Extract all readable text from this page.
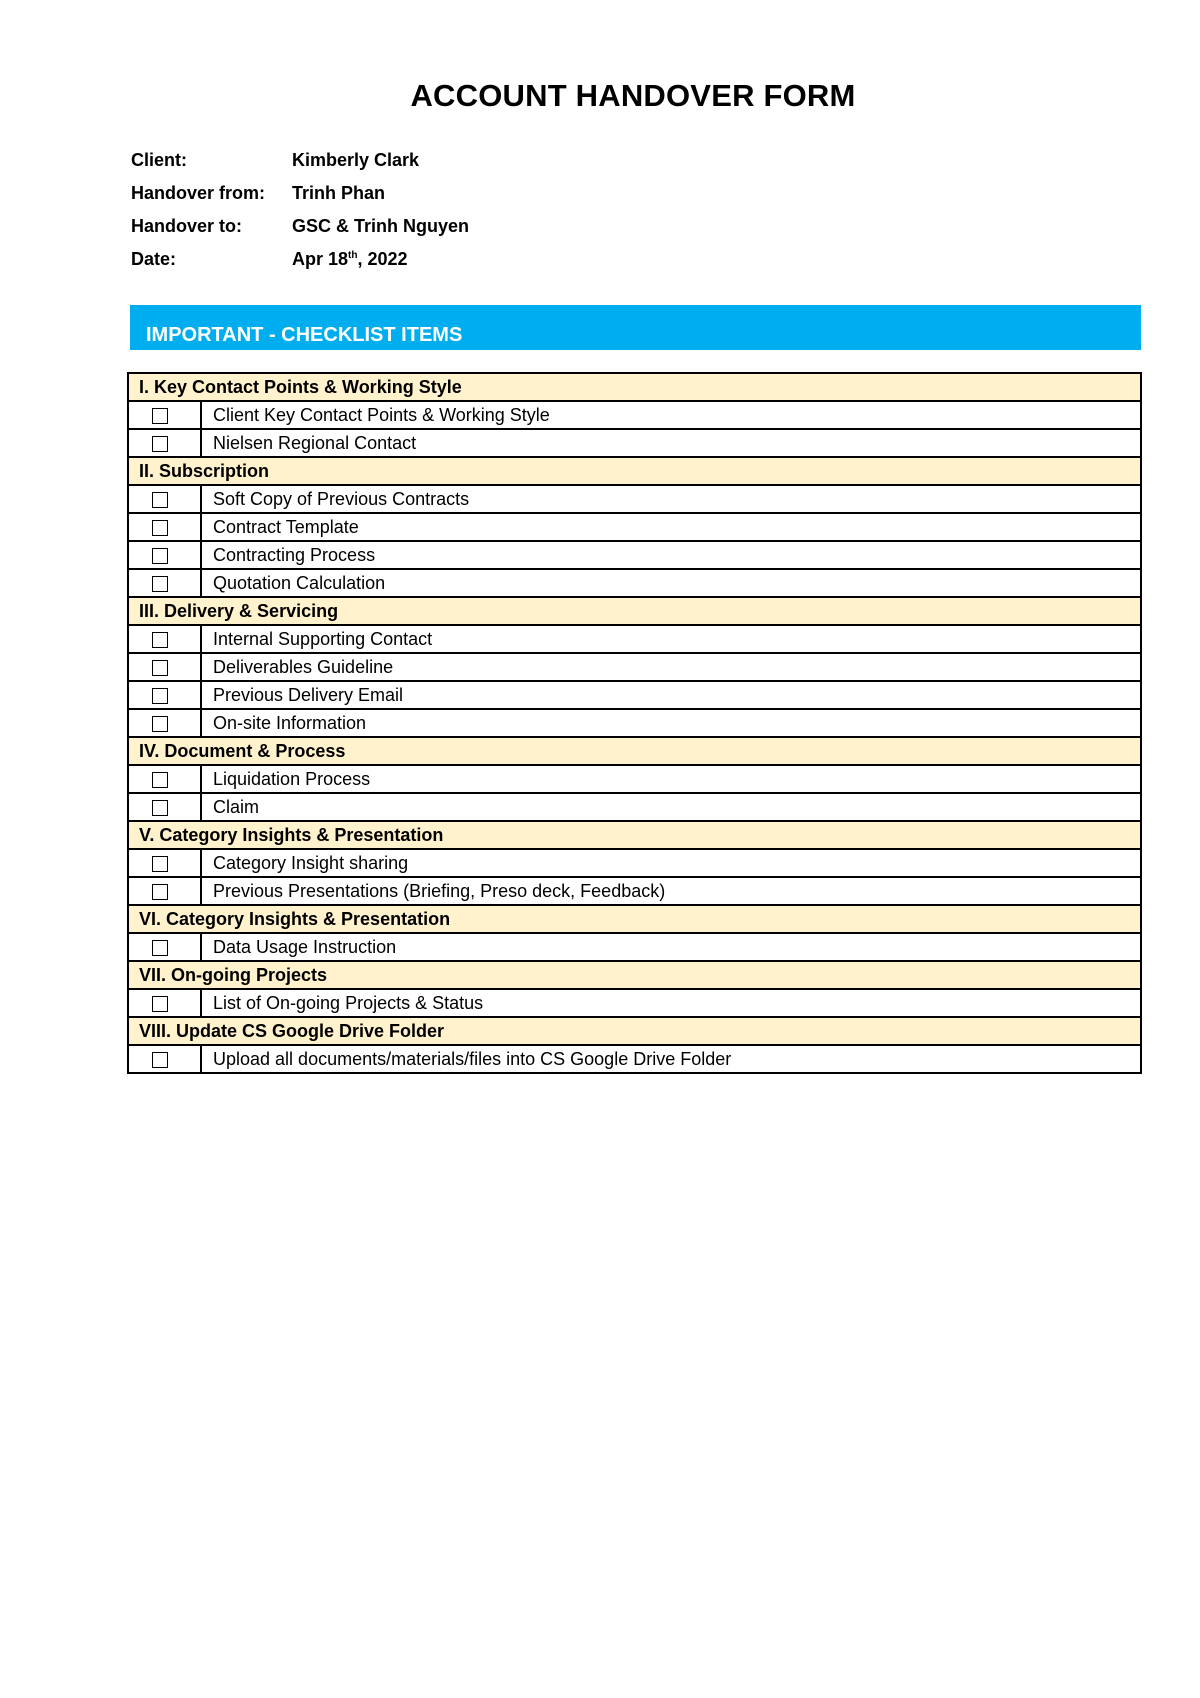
ACCOUNT HANDOVER FORM
Client:	Kimberly Clark
Handover from:	Trinh Phan
Handover to:	GSC & Trinh Nguyen
Date:	Apr 18th, 2022
IMPORTANT - CHECKLIST ITEMS
I. Key Contact Points & Working Style	
	Client Key Contact Points & Working Style
	Nielsen Regional Contact
II. Subscription	
	Soft Copy of Previous Contracts
	Contract Template
	Contracting Process
	Quotation Calculation
III. Delivery & Servicing	
	Internal Supporting Contact
	Deliverables Guideline
	Previous Delivery Email
	On-site Information
IV. Document & Process	
	Liquidation Process
	Claim
V. Category Insights & Presentation	
	Category Insight sharing
	Previous Presentations (Briefing, Preso deck, Feedback)
VI. Category Insights & Presentation	
	Data Usage Instruction
VII. On-going Projects	
	List of On-going Projects & Status
VIII. Update CS Google Drive Folder	
	Upload all documents/materials/files into CS Google Drive Folder
